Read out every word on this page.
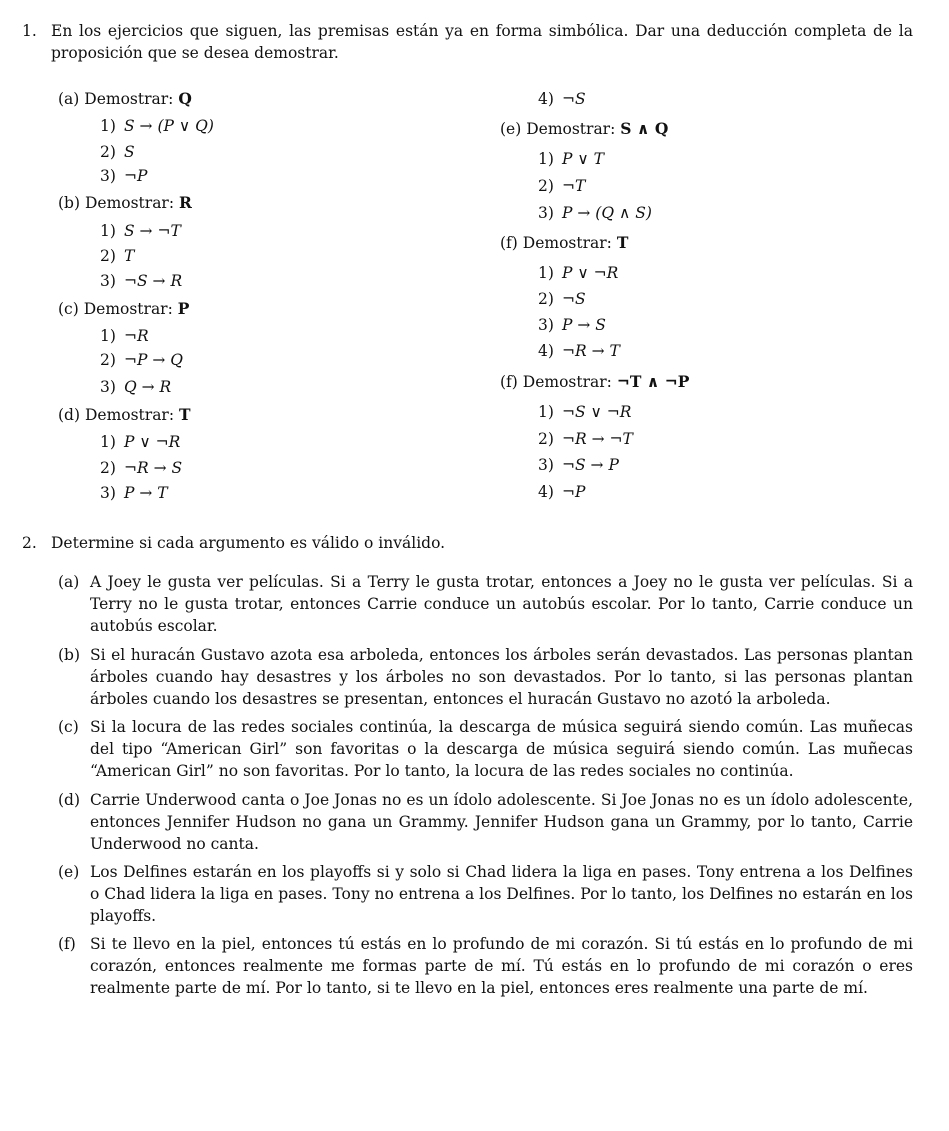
1. En los ejercicios que siguen, las premisas están ya en forma simbólica. Dar una deducción completa de la proposición que se desea demostrar.
(a) Demostrar: Q
1) S → (P ∨ Q)
2) S
3) ¬P
(b) Demostrar: R
1) S → ¬T
2) T
3) ¬S → R
(c) Demostrar: P
1) ¬R
2) ¬P → Q
3) Q → R
(d) Demostrar: T
1) P ∨ ¬R
2) ¬R → S
3) P → T
4) ¬S
(e) Demostrar: S ∧ Q
1) P ∨ T
2) ¬T
3) P → (Q ∧ S)
(f) Demostrar: T
1) P ∨ ¬R
2) ¬S
3) P → S
4) ¬R → T
(f) Demostrar: ¬T ∧ ¬P
1) ¬S ∨ ¬R
2) ¬R → ¬T
3) ¬S → P
4) ¬P
2. Determine si cada argumento es válido o inválido.
(a) A Joey le gusta ver películas. Si a Terry le gusta trotar, entonces a Joey no le gusta ver películas. Si a Terry no le gusta trotar, entonces Carrie conduce un autobús escolar. Por lo tanto, Carrie conduce un autobús escolar.
(b) Si el huracán Gustavo azota esa arboleda, entonces los árboles serán devastados. Las personas plantan árboles cuando hay desastres y los árboles no son devastados. Por lo tanto, si las personas plantan árboles cuando los desastres se presentan, entonces el huracán Gustavo no azotó la arboleda.
(c) Si la locura de las redes sociales continúa, la descarga de música seguirá siendo común. Las muñecas del tipo “American Girl” son favoritas o la descarga de música seguirá siendo común. Las muñecas “American Girl” no son favoritas. Por lo tanto, la locura de las redes sociales no continúa.
(d) Carrie Underwood canta o Joe Jonas no es un ídolo adolescente. Si Joe Jonas no es un ídolo adolescente, entonces Jennifer Hudson no gana un Grammy. Jennifer Hudson gana un Grammy, por lo tanto, Carrie Underwood no canta.
(e) Los Delfines estarán en los playoffs si y solo si Chad lidera la liga en pases. Tony entrena a los Delfines o Chad lidera la liga en pases. Tony no entrena a los Delfines. Por lo tanto, los Delfines no estarán en los playoffs.
(f) Si te llevo en la piel, entonces tú estás en lo profundo de mi corazón. Si tú estás en lo profundo de mi corazón, entonces realmente me formas parte de mí. Tú estás en lo profundo de mi corazón o eres realmente parte de mí. Por lo tanto, si te llevo en la piel, entonces eres realmente una parte de mí.
